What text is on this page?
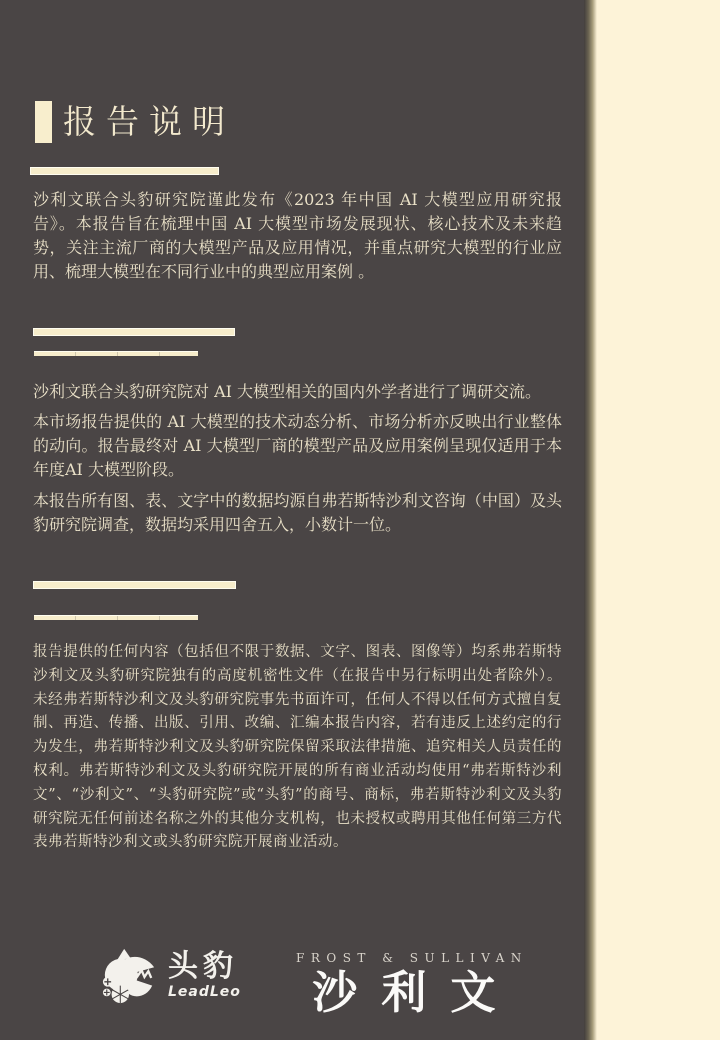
报告说明
沙利文联合头豹研究院谨此发布《2023 年中国 AI 大模型应用研究报告》。本报告旨在梳理中国 AI 大模型市场发展现状、核心技术及未来趋势，关注主流厂商的大模型产品及应用情况，并重点研究大模型的行业应用、梳理大模型在不同行业中的典型应用案例 。
沙利文联合头豹研究院对 AI 大模型相关的国内外学者进行了调研交流。
本市场报告提供的 AI 大模型的技术动态分析、市场分析亦反映出行业整体的动向。报告最终对 AI 大模型厂商的模型产品及应用案例呈现仅适用于本年度AI 大模型阶段。
本报告所有图、表、文字中的数据均源自弗若斯特沙利文咨询（中国）及头豹研究院调查，数据均采用四舍五入，小数计一位。
报告提供的任何内容（包括但不限于数据、文字、图表、图像等）均系弗若斯特沙利文及头豹研究院独有的高度机密性文件（在报告中另行标明出处者除外）。未经弗若斯特沙利文及头豹研究院事先书面许可，任何人不得以任何方式擅自复制、再造、传播、出版、引用、改编、汇编本报告内容，若有违反上述约定的行为发生，弗若斯特沙利文及头豹研究院保留采取法律措施、追究相关人员责任的权利。弗若斯特沙利文及头豹研究院开展的所有商业活动均使用“弗若斯特沙利文”、“沙利文”、“头豹研究院”或“头豹”的商号、商标，弗若斯特沙利文及头豹研究院无任何前述名称之外的其他分支机构，也未授权或聘用其他任何第三方代表弗若斯特沙利文或头豹研究院开展商业活动。
头豹
LeadLeo
FROST & SULLIVAN
沙利文
